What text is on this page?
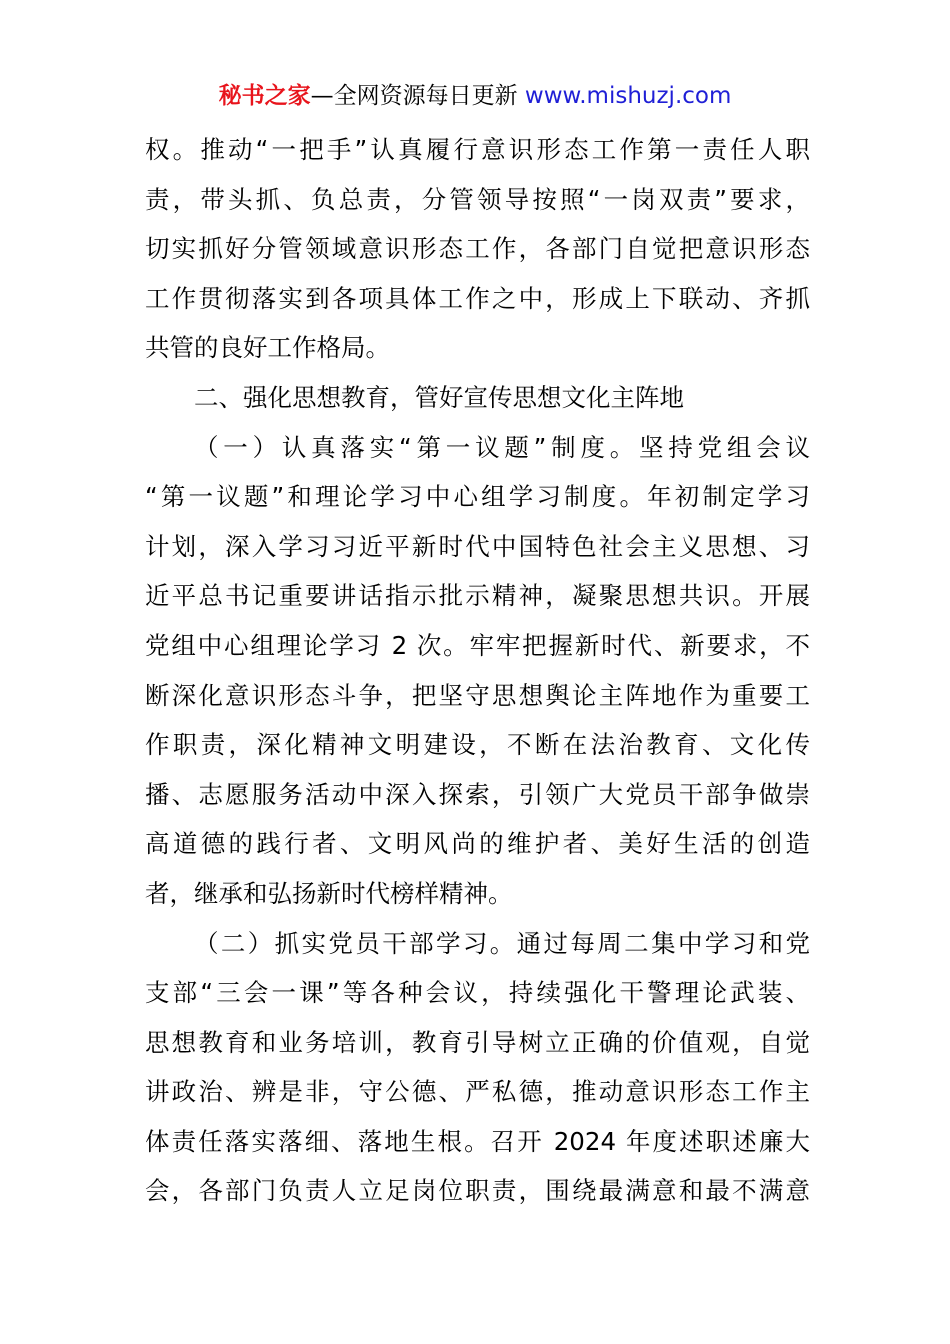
秘书之家—全网资源每日更新 www.mishuzj.com
权。推动“一把手”认真履行意识形态工作第一责任人职
责，带头抓、负总责，分管领导按照“一岗双责”要求，
切实抓好分管领域意识形态工作，各部门自觉把意识形态
工作贯彻落实到各项具体工作之中，形成上下联动、齐抓
共管的良好工作格局。
二、强化思想教育，管好宣传思想文化主阵地
（一）认真落实“第一议题”制度。坚持党组会议
“第一议题”和理论学习中心组学习制度。年初制定学习
计划，深入学习习近平新时代中国特色社会主义思想、习
近平总书记重要讲话指示批示精神，凝聚思想共识。开展
党组中心组理论学习 2 次。牢牢把握新时代、新要求，不
断深化意识形态斗争，把坚守思想舆论主阵地作为重要工
作职责，深化精神文明建设，不断在法治教育、文化传
播、志愿服务活动中深入探索，引领广大党员干部争做崇
高道德的践行者、文明风尚的维护者、美好生活的创造
者，继承和弘扬新时代榜样精神。
（二）抓实党员干部学习。通过每周二集中学习和党
支部“三会一课”等各种会议，持续强化干警理论武装、
思想教育和业务培训，教育引导树立正确的价值观，自觉
讲政治、辨是非，守公德、严私德，推动意识形态工作主
体责任落实落细、落地生根。召开 2024 年度述职述廉大
会，各部门负责人立足岗位职责，围绕最满意和最不满意
